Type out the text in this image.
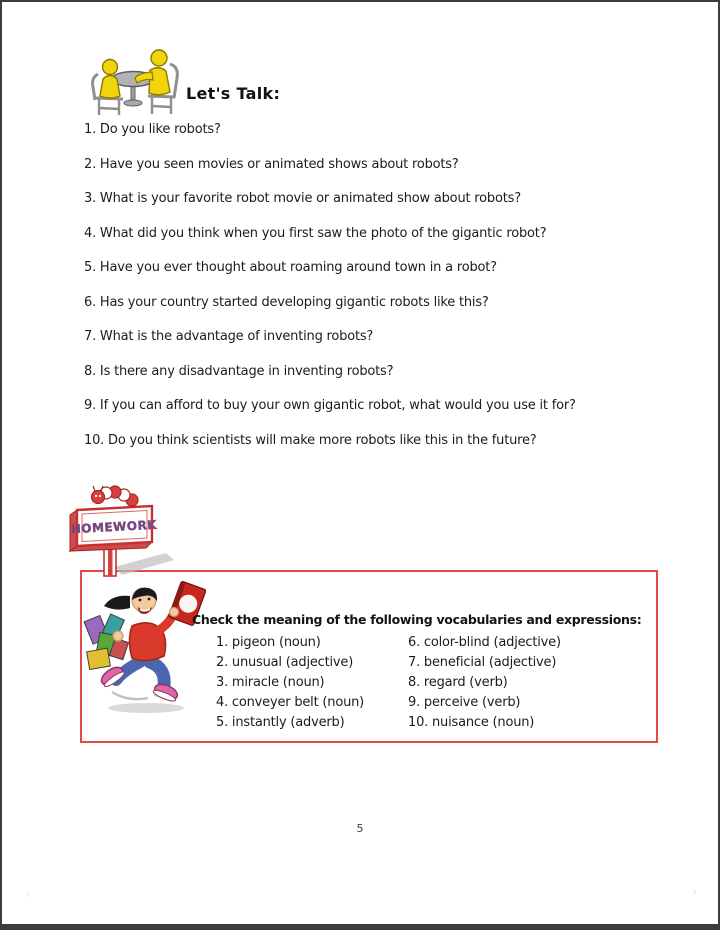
Let's Talk:
1. Do you like robots?
2. Have you seen movies or animated shows about robots?
3. What is your favorite robot movie or animated show about robots?
4. What did you think when you first saw the photo of the gigantic robot?
5. Have you ever thought about roaming around town in a robot?
6. Has your country started developing gigantic robots like this?
7. What is the advantage of inventing robots?
8. Is there any disadvantage in inventing robots?
9. If you can afford to buy your own gigantic robot, what would you use it for?
10. Do you think scientists will make more robots like this in the future?
HOMEWORK
Check the meaning of the following vocabularies and expressions:
1. pigeon (noun)
2. unusual (adjective)
3. miracle (noun)
4. conveyer belt (noun)
5. instantly (adverb)
6. color-blind (adjective)
7. beneficial (adjective)
8. regard (verb)
9. perceive (verb)
10. nuisance (noun)
5
‹	›
